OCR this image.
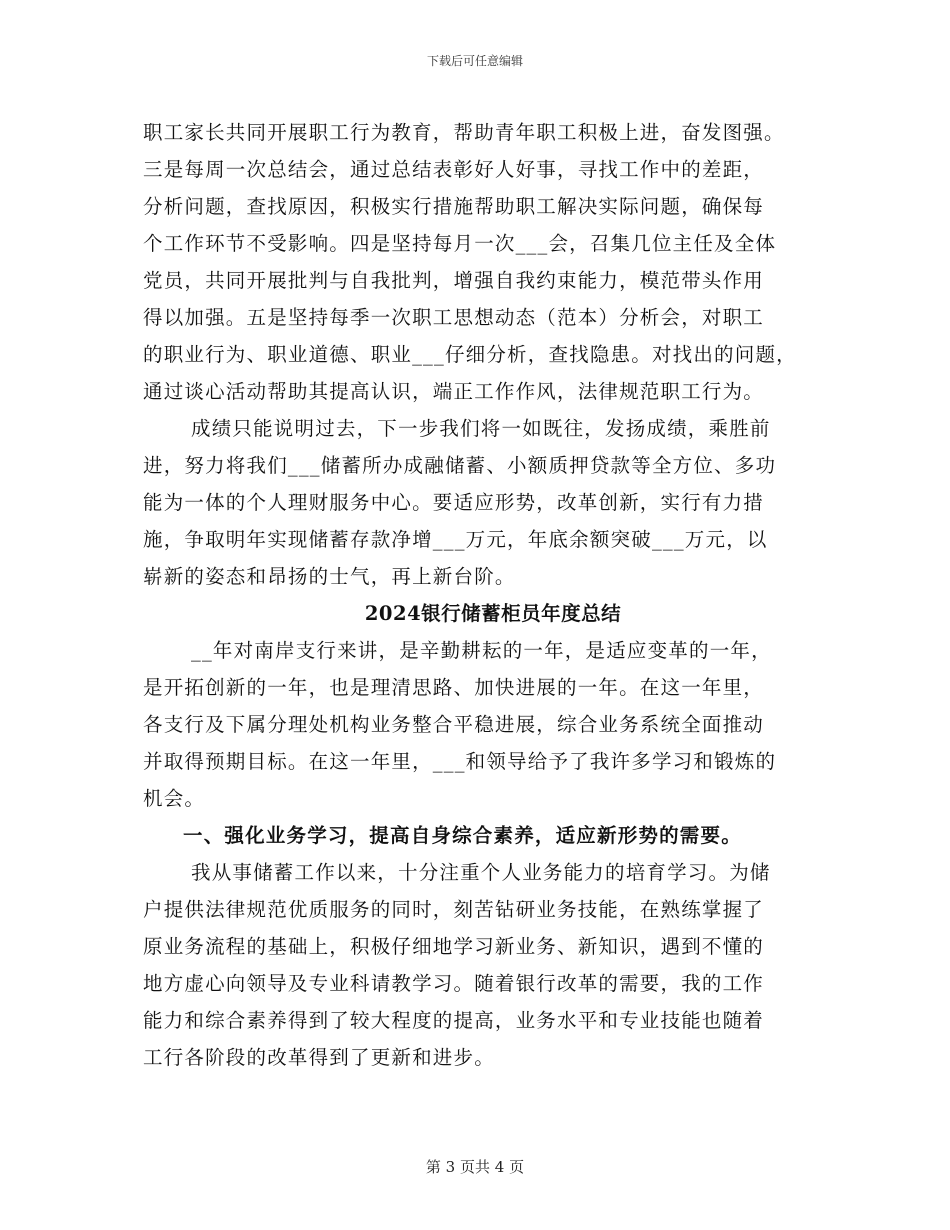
下载后可任意编辑
职工家长共同开展职工行为教育，帮助青年职工积极上进，奋发图强。
三是每周一次总结会，通过总结表彰好人好事，寻找工作中的差距，
分析问题，查找原因，积极实行措施帮助职工解决实际问题，确保每
个工作环节不受影响。四是坚持每月一次___会，召集几位主任及全体
党员，共同开展批判与自我批判，增强自我约束能力，模范带头作用
得以加强。五是坚持每季一次职工思想动态（范本）分析会，对职工
的职业行为、职业道德、职业___仔细分析，查找隐患。对找出的问题，
通过谈心活动帮助其提高认识，端正工作作风，法律规范职工行为。
成绩只能说明过去，下一步我们将一如既往，发扬成绩，乘胜前
进，努力将我们___储蓄所办成融储蓄、小额质押贷款等全方位、多功
能为一体的个人理财服务中心。要适应形势，改革创新，实行有力措
施，争取明年实现储蓄存款净增___万元，年底余额突破___万元，以
崭新的姿态和昂扬的士气，再上新台阶。
2024银行储蓄柜员年度总结
__年对南岸支行来讲，是辛勤耕耘的一年，是适应变革的一年，
是开拓创新的一年，也是理清思路、加快进展的一年。在这一年里，
各支行及下属分理处机构业务整合平稳进展，综合业务系统全面推动
并取得预期目标。在这一年里，___和领导给予了我许多学习和锻炼的
机会。
一、强化业务学习，提高自身综合素养，适应新形势的需要。
我从事储蓄工作以来，十分注重个人业务能力的培育学习。为储
户提供法律规范优质服务的同时，刻苦钻研业务技能，在熟练掌握了
原业务流程的基础上，积极仔细地学习新业务、新知识，遇到不懂的
地方虚心向领导及专业科请教学习。随着银行改革的需要，我的工作
能力和综合素养得到了较大程度的提高，业务水平和专业技能也随着
工行各阶段的改革得到了更新和进步。
第 3 页共 4 页
